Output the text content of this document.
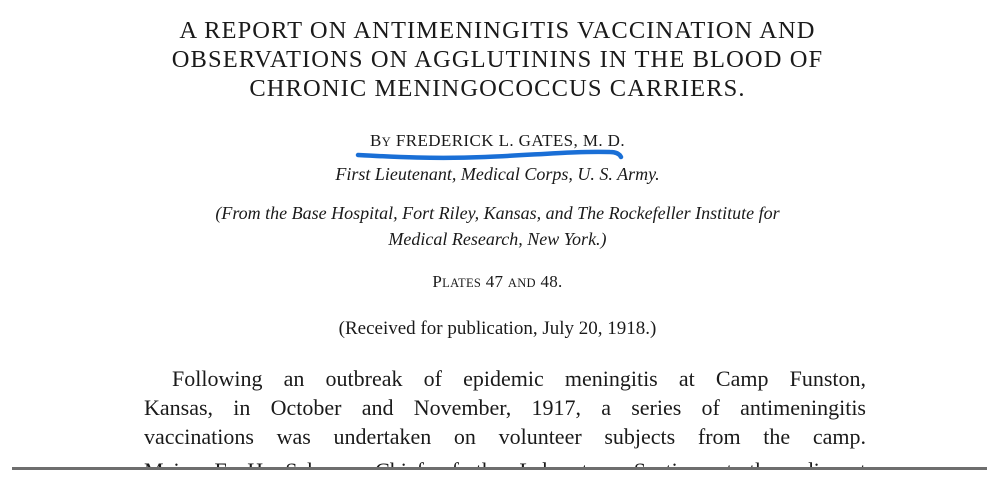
A REPORT ON ANTIMENINGITIS VACCINATION AND
OBSERVATIONS ON AGGLUTININS IN THE BLOOD OF
CHRONIC MENINGOCOCCUS CARRIERS.
BY FREDERICK L. GATES, M. D.
First Lieutenant, Medical Corps, U. S. Army.
(From the Base Hospital, Fort Riley, Kansas, and The Rockefeller Institute for
Medical Research, New York.)
PLATES 47 AND 48.
(Received for publication, July 20, 1918.)
Following an outbreak of epidemic meningitis at Camp Funston,
Kansas, in October and November, 1917, a series of antimeningitis
vaccinations was undertaken on volunteer subjects from the camp.
